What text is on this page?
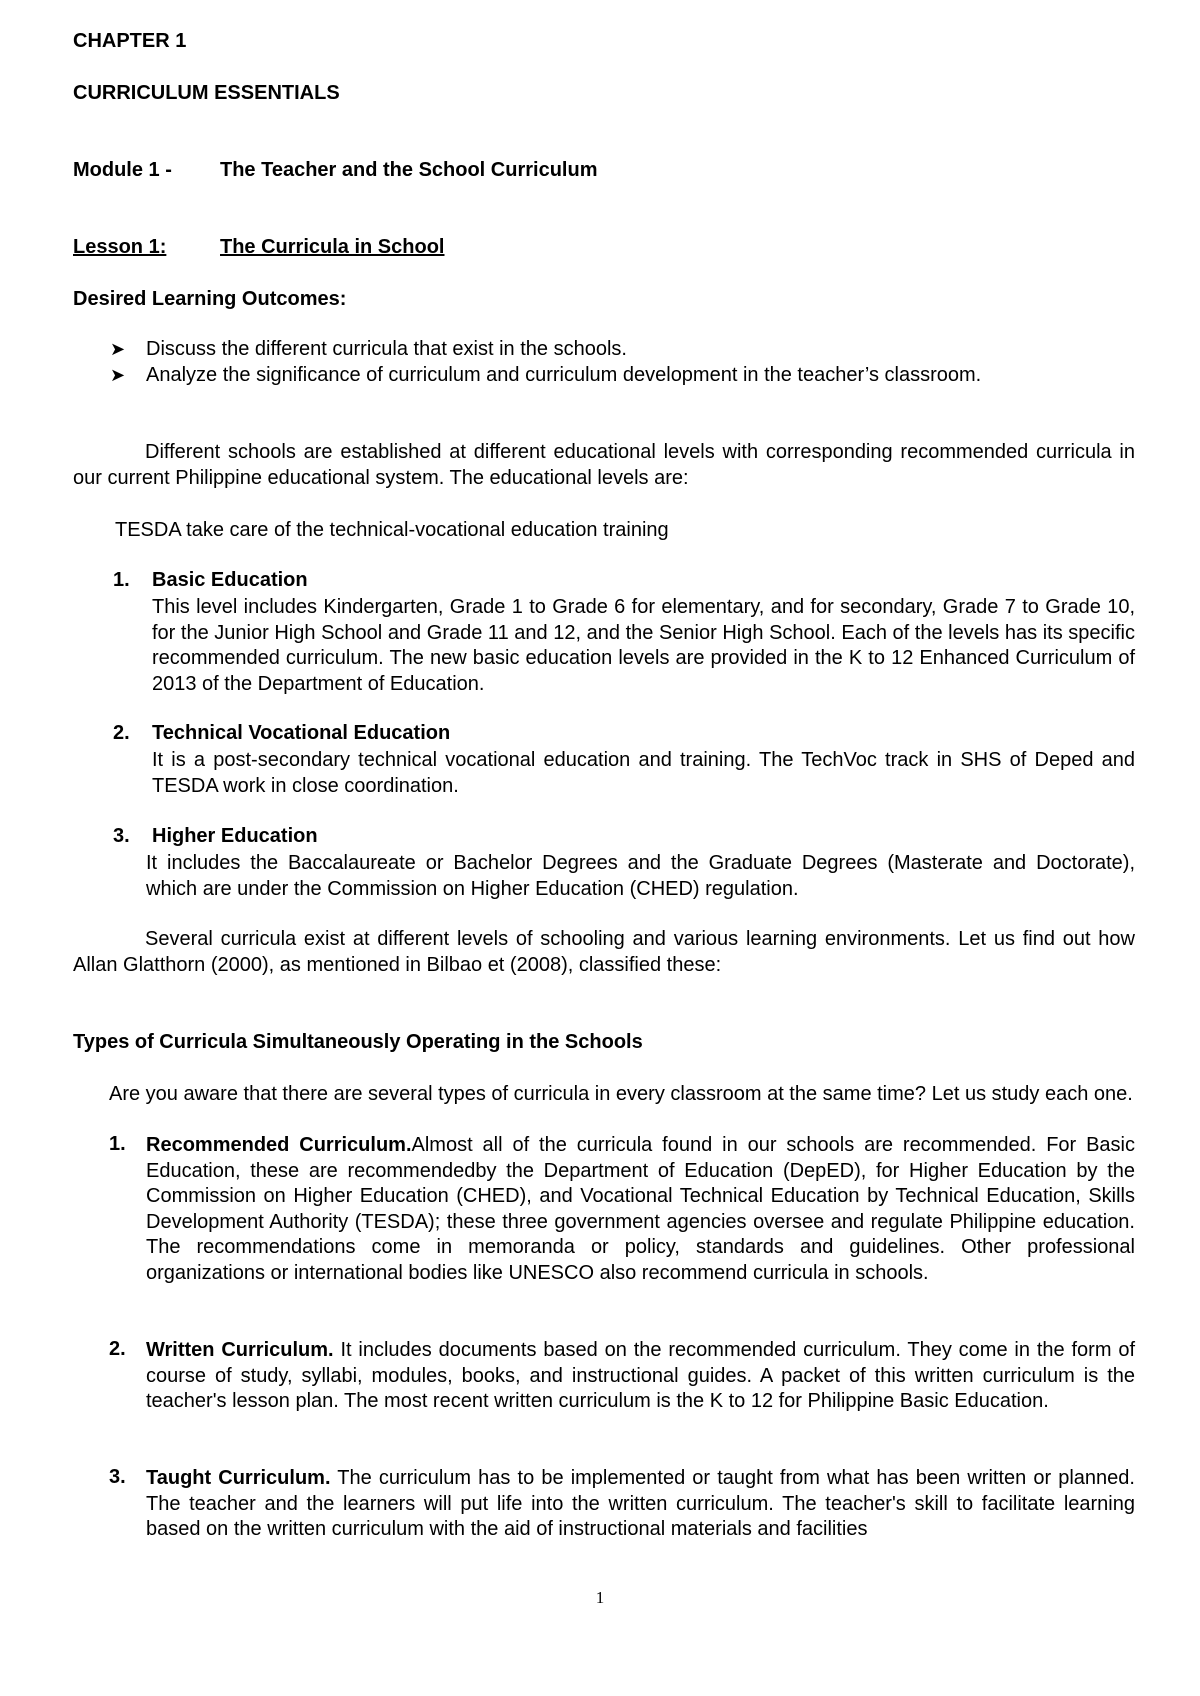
CHAPTER 1
CURRICULUM ESSENTIALS
Module 1 - The Teacher and the School Curriculum
Lesson 1:	The Curricula in School
Desired Learning Outcomes:
➤ Discuss the different curricula that exist in the schools.
➤ Analyze the significance of curriculum and curriculum development in the teacher’s classroom.
Different schools are established at different educational levels with corresponding recommended curricula in our current Philippine educational system. The educational levels are:
TESDA take care of the technical-vocational education training
1. Basic Education
This level includes Kindergarten, Grade 1 to Grade 6 for elementary, and for secondary, Grade 7 to Grade 10, for the Junior High School and Grade 11 and 12, and the Senior High School. Each of the levels has its specific recommended curriculum. The new basic education levels are provided in the K to 12 Enhanced Curriculum of 2013 of the Department of Education.
2. Technical Vocational Education
It is a post-secondary technical vocational education and training. The TechVoc track in SHS of Deped and TESDA work in close coordination.
3. Higher Education
It includes the Baccalaureate or Bachelor Degrees and the Graduate Degrees (Masterate and Doctorate), which are under the Commission on Higher Education (CHED) regulation.
Several curricula exist at different levels of schooling and various learning environments. Let us find out how Allan Glatthorn (2000), as mentioned in Bilbao et (2008), classified these:
Types of Curricula Simultaneously Operating in the Schools
Are you aware that there are several types of curricula in every classroom at the same time? Let us study each one.
1. Recommended Curriculum.Almost all of the curricula found in our schools are recommended. For Basic Education, these are recommendedby the Department of Education (DepED), for Higher Education by the Commission on Higher Education (CHED), and Vocational Technical Education by Technical Education, Skills Development Authority (TESDA); these three government agencies oversee and regulate Philippine education. The recommendations come in memoranda or policy, standards and guidelines. Other professional organizations or international bodies like UNESCO also recommend curricula in schools.
2. Written Curriculum. It includes documents based on the recommended curriculum. They come in the form of course of study, syllabi, modules, books, and instructional guides. A packet of this written curriculum is the teacher's lesson plan. The most recent written curriculum is the K to 12 for Philippine Basic Education.
3. Taught Curriculum. The curriculum has to be implemented or taught from what has been written or planned. The teacher and the learners will put life into the written curriculum. The teacher's skill to facilitate learning based on the written curriculum with the aid of instructional materials and facilities
1
